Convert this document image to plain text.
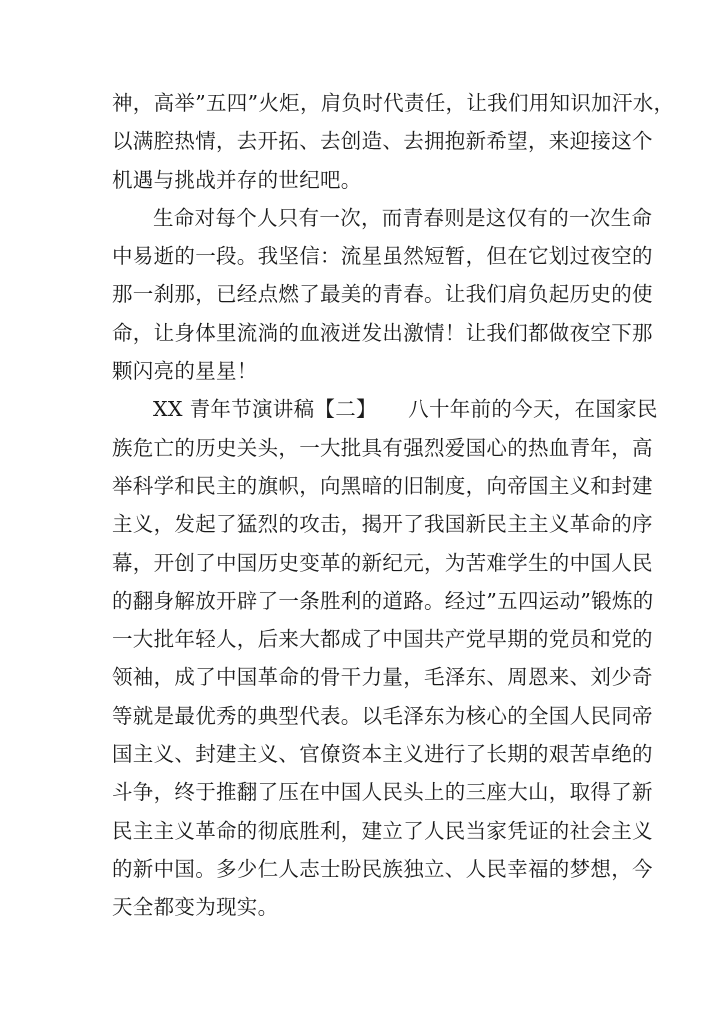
神，高举”五四”火炬，肩负时代责任，让我们用知识加汗水，
以满腔热情，去开拓、去创造、去拥抱新希望，来迎接这个
机遇与挑战并存的世纪吧。

生命对每个人只有一次，而青春则是这仅有的一次生命
中易逝的一段。我坚信：流星虽然短暂，但在它划过夜空的
那一刹那，已经点燃了最美的青春。让我们肩负起历史的使
命，让身体里流淌的血液迸发出激情！让我们都做夜空下那
颗闪亮的星星！

XX 青年节演讲稿【二】　　八十年前的今天，在国家民
族危亡的历史关头，一大批具有强烈爱国心的热血青年，高
举科学和民主的旗帜，向黑暗的旧制度，向帝国主义和封建
主义，发起了猛烈的攻击，揭开了我国新民主主义革命的序
幕，开创了中国历史变革的新纪元，为苦难学生的中国人民
的翻身解放开辟了一条胜利的道路。经过”五四运动”锻炼的
一大批年轻人，后来大都成了中国共产党早期的党员和党的
领袖，成了中国革命的骨干力量，毛泽东、周恩来、刘少奇
等就是最优秀的典型代表。以毛泽东为核心的全国人民同帝
国主义、封建主义、官僚资本主义进行了长期的艰苦卓绝的
斗争，终于推翻了压在中国人民头上的三座大山，取得了新
民主主义革命的彻底胜利，建立了人民当家凭证的社会主义
的新中国。多少仁人志士盼民族独立、人民幸福的梦想，今
天全都变为现实。
